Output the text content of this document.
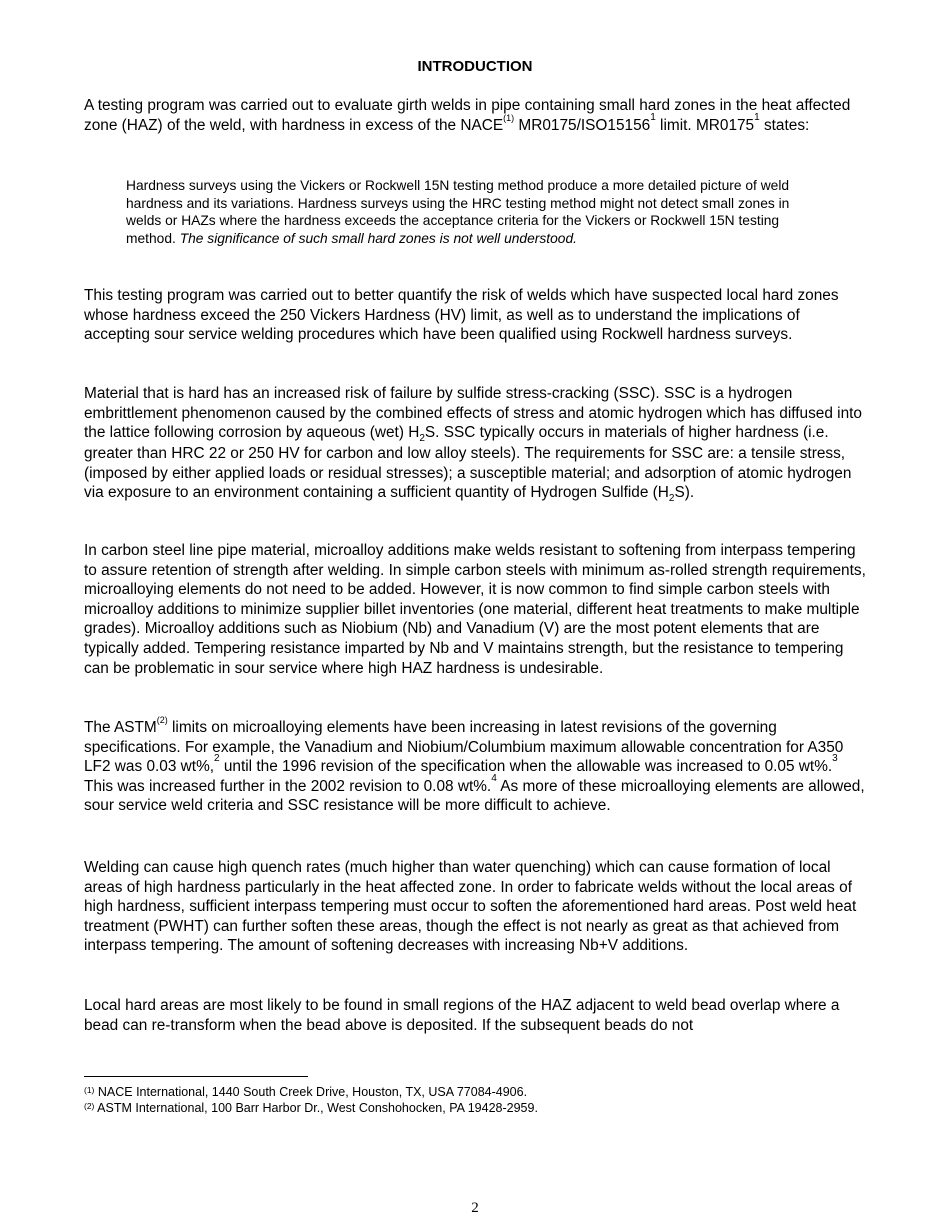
INTRODUCTION

A testing program was carried out to evaluate girth welds in pipe containing small hard zones in the heat affected zone (HAZ) of the weld, with hardness in excess of the NACE$^{(1)}$ MR0175/ISO15156$^1$ limit. MR0175$^1$ states:

Hardness surveys using the Vickers or Rockwell 15N testing method produce a more detailed picture of weld hardness and its variations. Hardness surveys using the HRC testing method might not detect small zones in welds or HAZs where the hardness exceeds the acceptance criteria for the Vickers or Rockwell 15N testing method. The significance of such small hard zones is not well understood.

This testing program was carried out to better quantify the risk of welds which have suspected local hard zones whose hardness exceed the 250 Vickers Hardness (HV) limit, as well as to understand the implications of accepting sour service welding procedures which have been qualified using Rockwell hardness surveys.

Material that is hard has an increased risk of failure by sulfide stress-cracking (SSC). SSC is a hydrogen embrittlement phenomenon caused by the combined effects of stress and atomic hydrogen which has diffused into the lattice following corrosion by aqueous (wet) $H_2S$. SSC typically occurs in materials of higher hardness (i.e. greater than HRC 22 or 250 HV for carbon and low alloy steels). The requirements for SSC are: a tensile stress, (imposed by either applied loads or residual stresses); a susceptible material; and adsorption of atomic hydrogen via exposure to an environment containing a sufficient quantity of Hydrogen Sulfide $(H_2S)$.

In carbon steel line pipe material, microalloy additions make welds resistant to softening from interpass tempering to assure retention of strength after welding. In simple carbon steels with minimum as-rolled strength requirements, microalloying elements do not need to be added. However, it is now common to find simple carbon steels with microalloy additions to minimize supplier billet inventories (one material, different heat treatments to make multiple grades). Microalloy additions such as Niobium (Nb) and Vanadium (V) are the most potent elements that are typically added. Tempering resistance imparted by Nb and V maintains strength, but the resistance to tempering can be problematic in sour service where high HAZ hardness is undesirable.

The ASTM$^{(2)}$ limits on microalloying elements have been increasing in latest revisions of the governing specifications. For example, the Vanadium and Niobium/Columbium maximum allowable concentration for A350 LF2 was 0.03 wt%,$^2$ until the 1996 revision of the specification when the allowable was increased to 0.05 wt%.$^3$ This was increased further in the 2002 revision to 0.08 wt%.$^4$ As more of these microalloying elements are allowed, sour service weld criteria and SSC resistance will be more difficult to achieve.

Welding can cause high quench rates (much higher than water quenching) which can cause formation of local areas of high hardness particularly in the heat affected zone. In order to fabricate welds without the local areas of high hardness, sufficient interpass tempering must occur to soften the aforementioned hard areas. Post weld heat treatment (PWHT) can further soften these areas, though the effect is not nearly as great as that achieved from interpass tempering. The amount of softening decreases with increasing Nb+V additions.

Local hard areas are most likely to be found in small regions of the HAZ adjacent to weld bead overlap where a bead can re-transform when the bead above is deposited. If the subsequent beads do not

$^{(1)}$ NACE International, 1440 South Creek Drive, Houston, TX, USA 77084-4906.
$^{(2)}$ ASTM International, 100 Barr Harbor Dr., West Conshohocken, PA 19428-2959.
2
